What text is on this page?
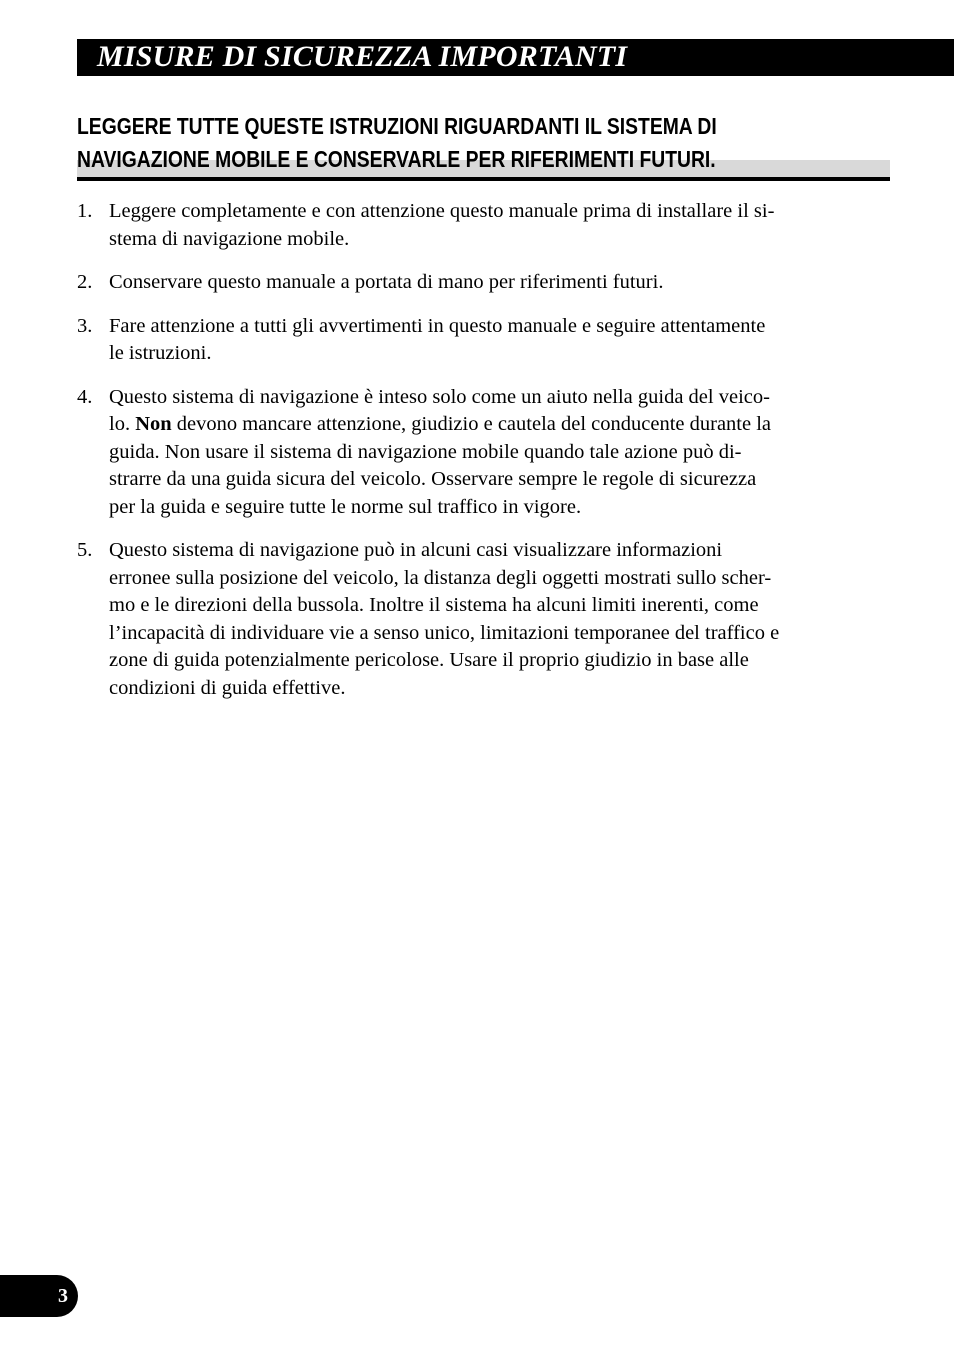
MISURE DI SICUREZZA IMPORTANTI
LEGGERE TUTTE QUESTE ISTRUZIONI RIGUARDANTI IL SISTEMA DI
NAVIGAZIONE MOBILE E CONSERVARLE PER RIFERIMENTI FUTURI.
1. Leggere completamente e con attenzione questo manuale prima di installare il si-
stema di navigazione mobile.
2. Conservare questo manuale a portata di mano per riferimenti futuri.
3. Fare attenzione a tutti gli avvertimenti in questo manuale e seguire attentamente
le istruzioni.
4. Questo sistema di navigazione è inteso solo come un aiuto nella guida del veico-
lo. Non devono mancare attenzione, giudizio e cautela del conducente durante la
guida. Non usare il sistema di navigazione mobile quando tale azione può di-
strarre da una guida sicura del veicolo. Osservare sempre le regole di sicurezza
per la guida e seguire tutte le norme sul traffico in vigore.
5. Questo sistema di navigazione può in alcuni casi visualizzare informazioni
erronee sulla posizione del veicolo, la distanza degli oggetti mostrati sullo scher-
mo e le direzioni della bussola. Inoltre il sistema ha alcuni limiti inerenti, come
l’incapacità di individuare vie a senso unico, limitazioni temporanee del traffico e
zone di guida potenzialmente pericolose. Usare il proprio giudizio in base alle
condizioni di guida effettive.
3
